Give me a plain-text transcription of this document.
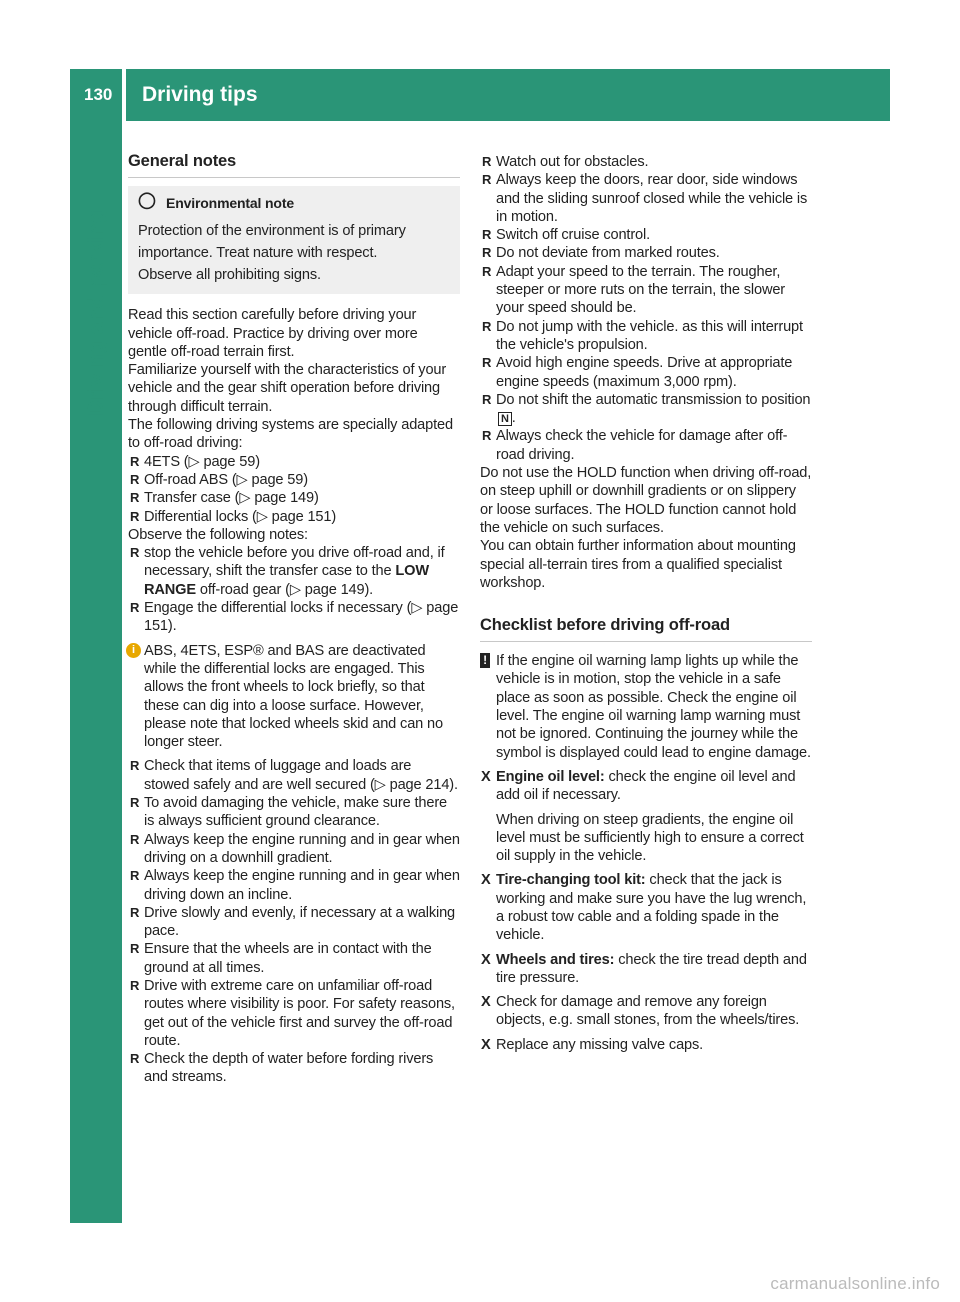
130 Driving tips
Driving and parking
General notes
◯ Environmental note

Protection of the environment is of primary importance. Treat nature with respect.

Observe all prohibiting signs.

Read this section carefully before driving your vehicle off-road. Practice by driving over more gentle off-road terrain first.

Familiarize yourself with the characteristics of your vehicle and the gear shift operation before driving through difficult terrain.

The following driving systems are specially adapted to off-road driving:

R 4ETS (▷ page 59)

R Off-road ABS (▷ page 59)

R Transfer case (▷ page 149)

R Differential locks (▷ page 151)

Observe the following notes:

R stop the vehicle before you drive off-road and, if necessary, shift the transfer case to the LOW RANGE off-road gear (▷ page 149).

R Engage the differential locks if necessary (▷ page 151).

i ABS, 4ETS, ESP® and BAS are deactivated while the differential locks are engaged. This allows the front wheels to lock briefly, so that these can dig into a loose surface. However, please note that locked wheels skid and can no longer steer.

R Check that items of luggage and loads are stowed safely and are well secured (▷ page 214).

R To avoid damaging the vehicle, make sure there is always sufficient ground clearance.

R Always keep the engine running and in gear when driving on a downhill gradient.

R Always keep the engine running and in gear when driving down an incline.

R Drive slowly and evenly, if necessary at a walking pace.

R Ensure that the wheels are in contact with the ground at all times.

R Drive with extreme care on unfamiliar off-road routes where visibility is poor. For safety reasons, get out of the vehicle first and survey the off-road route.

R Check the depth of water before fording rivers and streams.

R Watch out for obstacles.

R Always keep the doors, rear door, side windows and the sliding sunroof closed while the vehicle is in motion.

R Switch off cruise control.

R Do not deviate from marked routes.

R Adapt your speed to the terrain. The rougher, steeper or more ruts on the terrain, the slower your speed should be.

R Do not jump with the vehicle. as this will interrupt the vehicle's propulsion.

R Avoid high engine speeds. Drive at appropriate engine speeds (maximum 3,000 rpm).

R Do not shift the automatic transmission to position N .

R Always check the vehicle for damage after off-road driving.

Do not use the HOLD function when driving off-road, on steep uphill or downhill gradients or on slippery or loose surfaces. The HOLD function cannot hold the vehicle on such surfaces.

You can obtain further information about mounting special all-terrain tires from a qualified specialist workshop.

Checklist before driving off-road
! If the engine oil warning lamp lights up while the vehicle is in motion, stop the vehicle in a safe place as soon as possible. Check the engine oil level. The engine oil warning lamp warning must not be ignored. Continuing the journey while the symbol is displayed could lead to engine damage.

X Engine oil level: check the engine oil level and add oil if necessary.

When driving on steep gradients, the engine oil level must be sufficiently high to ensure a correct oil supply in the vehicle.

X Tire-changing tool kit: check that the jack is working and make sure you have the lug wrench, a robust tow cable and a folding spade in the vehicle.

X Wheels and tires: check the tire tread depth and tire pressure.

X Check for damage and remove any foreign objects, e.g. small stones, from the wheels/tires.

X Replace any missing valve caps.

carmanualsonline.info
